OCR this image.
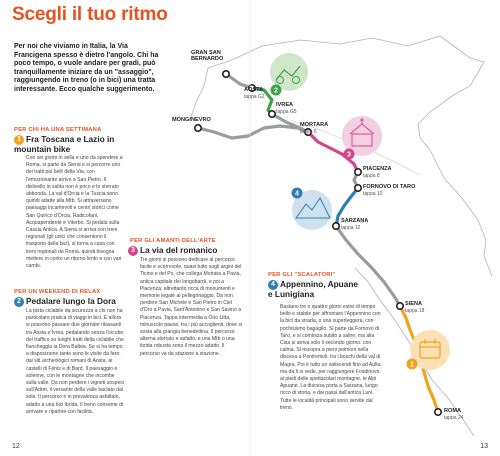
2
3
4
1
GRAN SAN BERNARDO
AOSTA
tappa G2
IVREA
tappa G5
MONGINEVRO
MORTARA
tappa 6
PIACENZA
tappa 8
FORNOVO DI TARO
tappa 10
SARZANA
tappa 12
SIENA
tappa 18
ROMA
tappa 24
Scegli il tuo ritmo
Per noi che viviamo in Italia, la Via Francigena spesso è dietro l'angolo. Chi ha poco tempo, o vuole andare per gradi, può tranquillamente iniziare da un "assaggio", raggiungendo in treno (o in bici) una tratta interessante. Ecco qualche suggerimento.
PER CHI HA UNA SETTIMANA
1 Fra Toscana e Lazio in mountain bike
Con sei giorni in sella e uno da spendere a Roma, si parte da Siena e si percorre uno dei tratti più belli della Via, con l'emozionante arrivo a San Pietro. Il dislivello in salita non è poco e lo sterrato abbonda. La val d'Orcia e la Tuscia sono quindi adatte alla Mtb. Si attraversano paesaggi incantevoli e centri storici come San Quirico d'Orcia, Radicofani, Acquapendente e Viterbo. Si pedala sulla Cassia Antica. A Siena si arriva con treni regionali (gli unici che consentono il trasporto della bici), si torna a casa con treni regionali da Roma, quindi bisogna mettere in conto un ritorno lento e con vari cambi.
PER UN WEEKEND DI RELAX
2 Pedalare lungo la Dora
La pista ciclabile da sicurezza a chi non ha particolare pratica di viaggi in bici. E allora si possono passare due giornate rilassanti tra Aosta e Ivrea, pedalando senza l'incubo del traffico su lunghi tratti della ciclabile che fiancheggia la Dora Baltea. Se si ha tempo a disposizione tante sono le visite da fare: dai siti archeologici romani di Aosta, ai castelli di Fénis e di Bard. Il paesaggio è solenne, con le montagne che incombe sulla valle. Da non perdere i vigneti sospesi sull'Adret, il versante della valle baciato dal sole. Il percorso è in prevalenza asfaltato, adatto a una bici ibrida. Il treno consente di arrivare e ripartire con facilità.
PER GLI AMANTI DELL'ARTE
3 La via del romanico
Tre giorni si possono dedicare al percorso facile e scorrevole, quasi tutto sugli argini del Ticino e del Po, che collega Mortara a Pavia, antica capitale dei longobardi, e poi a Piacenza, altrettanto ricca di monumenti e memorie legate al pellegrinaggio. Da non perdere San Michele e San Pietro in Ciel d'Oro a Pavia, Sant'Antonino e San Savino a Piacenza. Tappa intermedia a Orio Litta, minuscolo paese, tra i più accoglienti, dove si sosta alla grangia benedettina. Il percorso alterna sterrato e asfalto, e una Mtb o una ibrida robusta sono il mezzo adatto. Il percorso va da stazione a stazione.
PER GLI "SCALATORI"
4 Appennino, Apuane e Lunigiana
Bastano tre o quattro giorni estivi di tempo bello e stabile per affrontare l'Appennino con la bici da strada, o una superleggera, con pochissimo bagaglio. Si parte da Fornovo di Taro, e si comincia subito a salire; ma alla Cisa si arriva solo il secondo giorno: con calma. Si riscopra a pieni polmoni nella discesa a Pontremoli, tra i boschi della val di Magra. Poi è tutto un saliscendi fino ad Aulla, ma da lì si vede, per raggiungere Fosdinovo, ai piedi delle spettacolari montagne, le Alpi Apuane. La discesa porta a Sarzana, lungo ricco di storia, e dai passi dall'antica Luni. Tutte le località principali sono servite dal treno.
12	13
